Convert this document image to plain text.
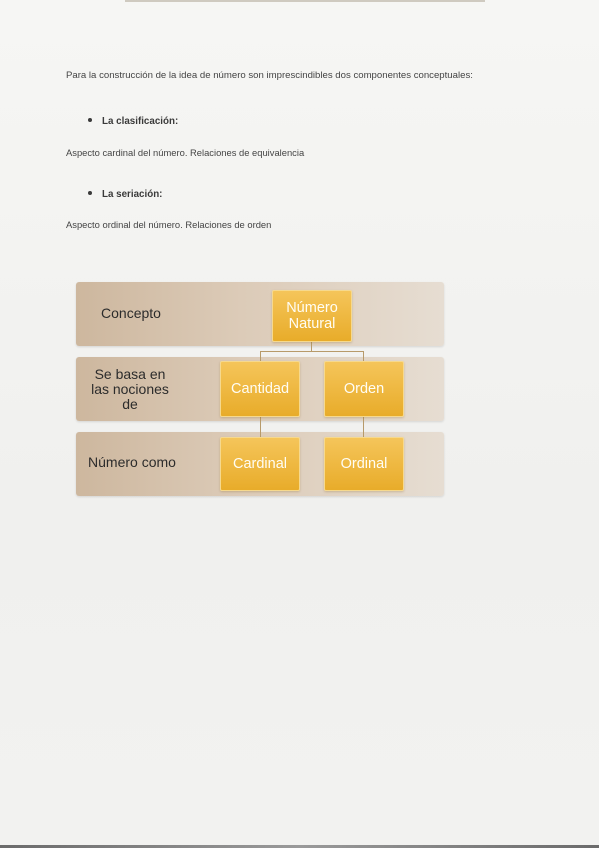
Para la construcción de la idea de número son imprescindibles dos componentes conceptuales:
La clasificación:
Aspecto cardinal del número. Relaciones de equivalencia
La seriación:
Aspecto ordinal del número. Relaciones de orden
Concepto
Se basa en las nociones de
Número como
Número Natural
Cantidad	Orden
Cardinal	Ordinal
